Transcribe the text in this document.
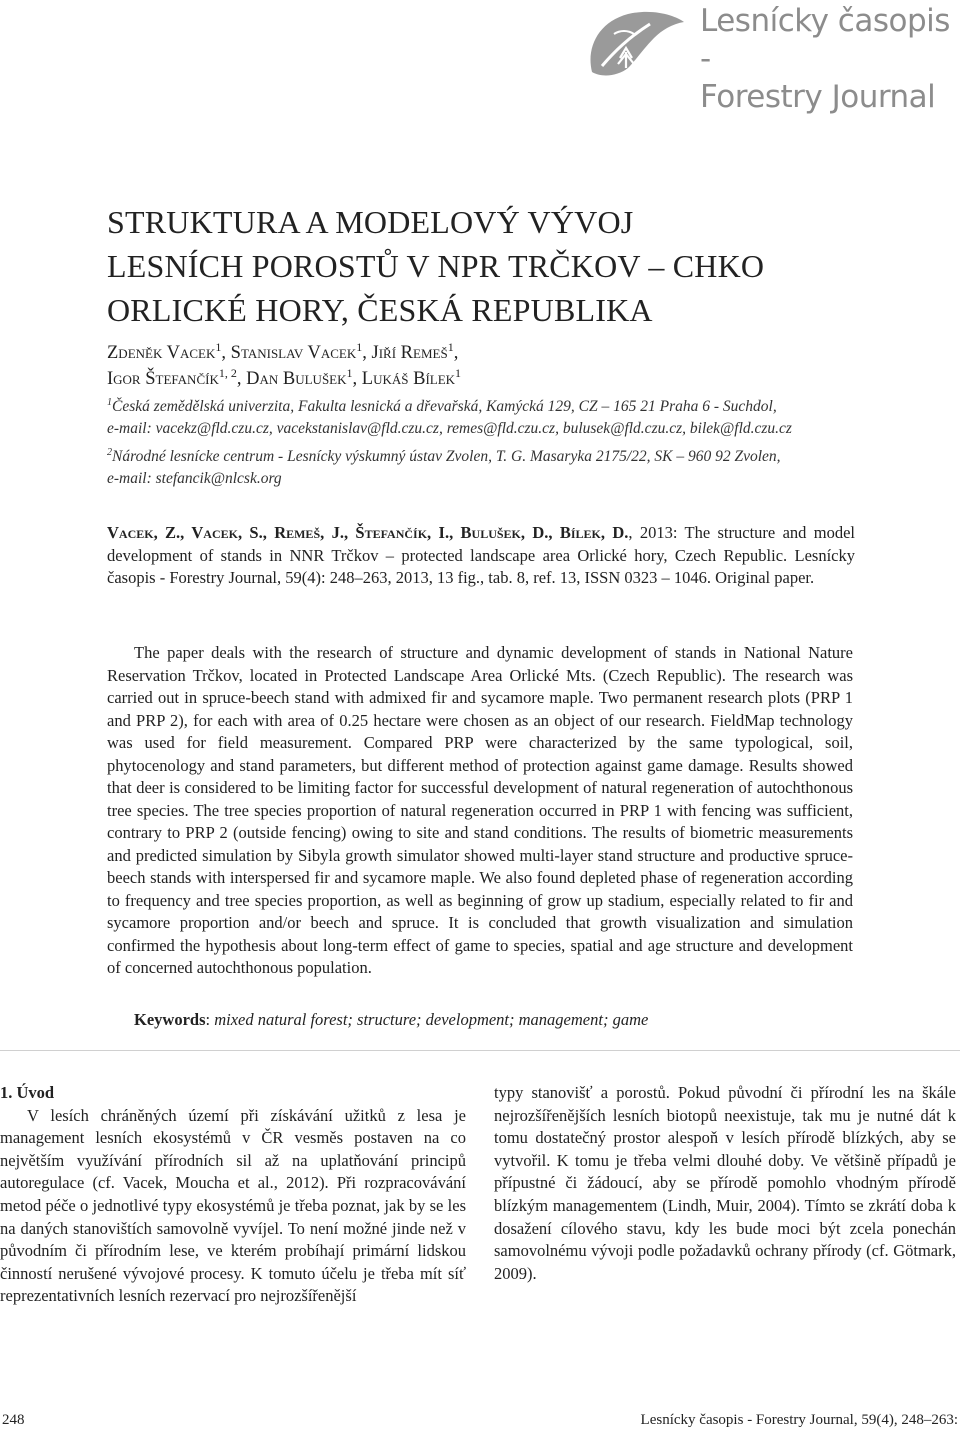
Lesnícky časopis -
Forestry Journal
STRUKTURA A MODELOVÝ VÝVOJ
LESNÍCH POROSTŮ V NPR TRČKOV – CHKO
ORLICKÉ HORY, ČESKÁ REPUBLIKA
Zdeněk Vacek$^1$, Stanislav Vacek$^1$, Jiří Remeš$^1$,
Igor Štefančík$^{1, 2}$, Dan Bulušek$^1$, Lukáš Bílek$^1$
$^1$Česká zemědělská univerzita, Fakulta lesnická a dřevařská, Kamýcká 129, CZ – 165 21 Praha 6 - Suchdol,
e-mail: vacekz@fld.czu.cz, vacekstanislav@fld.czu.cz, remes@fld.czu.cz, bulusek@fld.czu.cz, bilek@fld.czu.cz
$^2$Národné lesnícke centrum - Lesnícky výskumný ústav Zvolen, T. G. Masaryka 2175/22, SK – 960 92 Zvolen,
e-mail: stefancik@nlcsk.org
Vacek, Z., Vacek, S., Remeš, J., Štefančík, I., Bulušek, D., Bílek, D., 2013: The structure and model development of stands in NNR Trčkov – protected landscape area Orlické hory, Czech Republic. Lesnícky časopis - Forestry Journal, 59(4): 248–263, 2013, 13 fig., tab. 8, ref. 13, ISSN 0323 – 1046. Original paper.
The paper deals with the research of structure and dynamic development of stands in National Nature Reservation Trčkov, located in Protected Landscape Area Orlické Mts. (Czech Republic). The research was carried out in spruce-beech stand with admixed fir and sycamore maple. Two permanent research plots (PRP 1 and PRP 2), for each with area of 0.25 hectare were chosen as an object of our research. FieldMap technology was used for field measurement. Compared PRP were characterized by the same typological, soil, phytocenology and stand parameters, but different method of protection against game damage. Results showed that deer is considered to be limiting factor for successful development of natural regeneration of autochthonous tree species. The tree species proportion of natural regeneration occurred in PRP 1 with fencing was sufficient, contrary to PRP 2 (outside fencing) owing to site and stand conditions. The results of biometric measurements and predicted simulation by Sibyla growth simulator showed multi-layer stand structure and productive spruce-beech stands with interspersed fir and sycamore maple. We also found depleted phase of regeneration according to frequency and tree species proportion, as well as beginning of grow up stadium, especially related to fir and sycamore proportion and/or beech and spruce. It is concluded that growth visualization and simulation confirmed the hypothesis about long-term effect of game to species, spatial and age structure and development of concerned autochthonous population.
Keywords: mixed natural forest; structure; development; management; game
1. Úvod

V lesích chráněných území při získávání užitků z lesa je management lesních ekosystémů v ČR vesměs postaven na co největším využívání přírodních sil až na uplatňování principů autoregulace (cf. Vacek, Moucha et al., 2012). Při rozpracovávání metod péče o jednotlivé typy ekosystémů je třeba poznat, jak by se les na daných stanovištích samovolně vyvíjel. To není možné jinde než v původním či přírodním lese, ve kterém probíhají primární lidskou činností nerušené vývojové procesy. K tomuto účelu je třeba mít síť reprezentativních lesních rezervací pro nejrozšířenější

typy stanovišť a porostů. Pokud původní či přírodní les na škále nejrozšířenějších lesních biotopů neexistuje, tak mu je nutné dát k tomu dostatečný prostor alespoň v lesích přírodě blízkých, aby se vytvořil. K tomu je třeba velmi dlouhé doby. Ve většině případů je přípustné či žádoucí, aby se přírodě pomohlo vhodným přírodě blízkým managementem (Lindh, Muir, 2004). Tímto se zkrátí doba k dosažení cílového stavu, kdy les bude moci být zcela ponechán samovolnému vývoji podle požadavků ochrany přírody (cf. Götmark, 2009).

248	Lesnícky časopis - Forestry Journal, 59(4), 248–263:
